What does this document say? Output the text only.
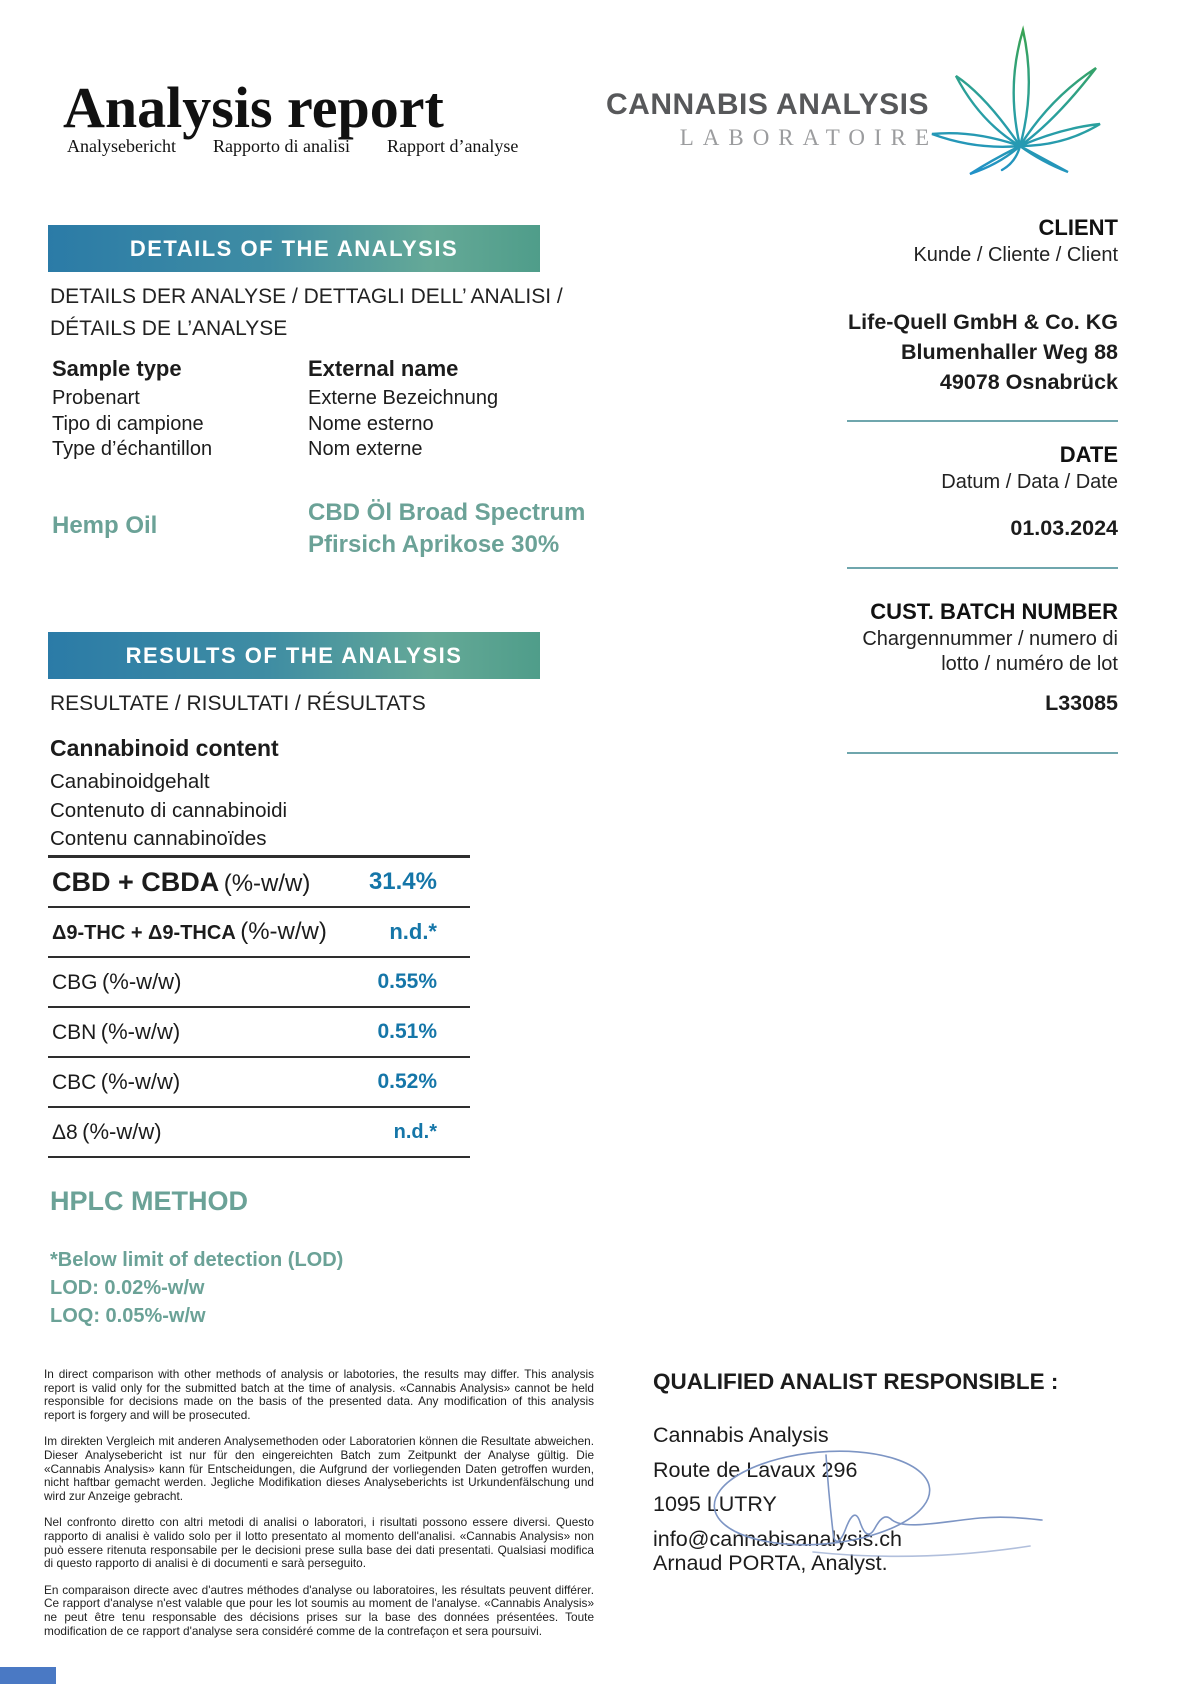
Analysis report
Analysebericht Rapporto di analisi Rapport d’analyse
CANNABIS ANALYSIS
LABORATOIRE
DETAILS OF THE ANALYSIS
DETAILS DER ANALYSE / DETTAGLI DELL’ ANALISI / DÉTAILS DE L’ANALYSE
Sample type
Probenart
Tipo di campione
Type d’échantillon
External name
Externe Bezeichnung
Nome esterno
Nom externe
Hemp Oil	CBD Öl Broad Spectrum Pfirsich Aprikose 30%
CLIENT
Kunde / Cliente / Client
Life-Quell GmbH & Co. KG
Blumenhaller Weg 88
49078 Osnabrück
DATE
Datum / Data / Date
01.03.2024
CUST. BATCH NUMBER
Chargennummer / numero di lotto / numéro de lot
L33085
RESULTS OF THE ANALYSIS
RESULTATE / RISULTATI / RÉSULTATS
Cannabinoid content
Canabinoidgehalt
Contenuto di cannabinoidi
Contenu cannabinoïdes
CBD + CBDA (%-w/w) 31.4%
Δ9-THC + Δ9-THCA (%-w/w)	n.d.*
CBG (%-w/w)	0.55%
CBN (%-w/w)	0.51%
CBC (%-w/w)	0.52%
Δ8 (%-w/w)	n.d.*
HPLC METHOD
*Below limit of detection (LOD)
LOD: 0.02%-w/w
LOQ: 0.05%-w/w

In direct comparison with other methods of analysis or labotories, the results may differ. This analysis report is valid only for the submitted batch at the time of analysis. «Cannabis Analysis» cannot be held responsible for decisions made on the basis of the presented data. Any modification of this analysis report is forgery and will be prosecuted.

Im direkten Vergleich mit anderen Analysemethoden oder Laboratorien können die Resultate abweichen. Dieser Analysebericht ist nur für den eingereichten Batch zum Zeitpunkt der Analyse gültig. Die «Cannabis Analysis» kann für Entscheidungen, die Aufgrund der vorliegenden Daten getroffen wurden, nicht haftbar gemacht werden. Jegliche Modifikation dieses Analyseberichts ist Urkundenfälschung und wird zur Anzeige gebracht.

Nel confronto diretto con altri metodi di analisi o laboratori, i risultati possono essere diversi. Questo rapporto di analisi è valido solo per il lotto presentato al momento dell'analisi. «Cannabis Analysis» non può essere ritenuta responsabile per le decisioni prese sulla base dei dati presentati. Qualsiasi modifica di questo rapporto di analisi è di documenti e sarà perseguito.

En comparaison directe avec d'autres méthodes d'analyse ou laboratoires, les résultats peuvent différer. Ce rapport d'analyse n'est valable que pour les lot soumis au moment de l'analyse. «Cannabis Analysis» ne peut être tenu responsable des décisions prises sur la base des données présentées. Toute modification de ce rapport d'analyse sera considéré comme de la contrefaçon et sera poursuivi.

QUALIFIED ANALIST RESPONSIBLE :
Cannabis Analysis
Route de Lavaux 296
1095 LUTRY
info@cannabisanalysis.ch
Arnaud PORTA, Analyst.
